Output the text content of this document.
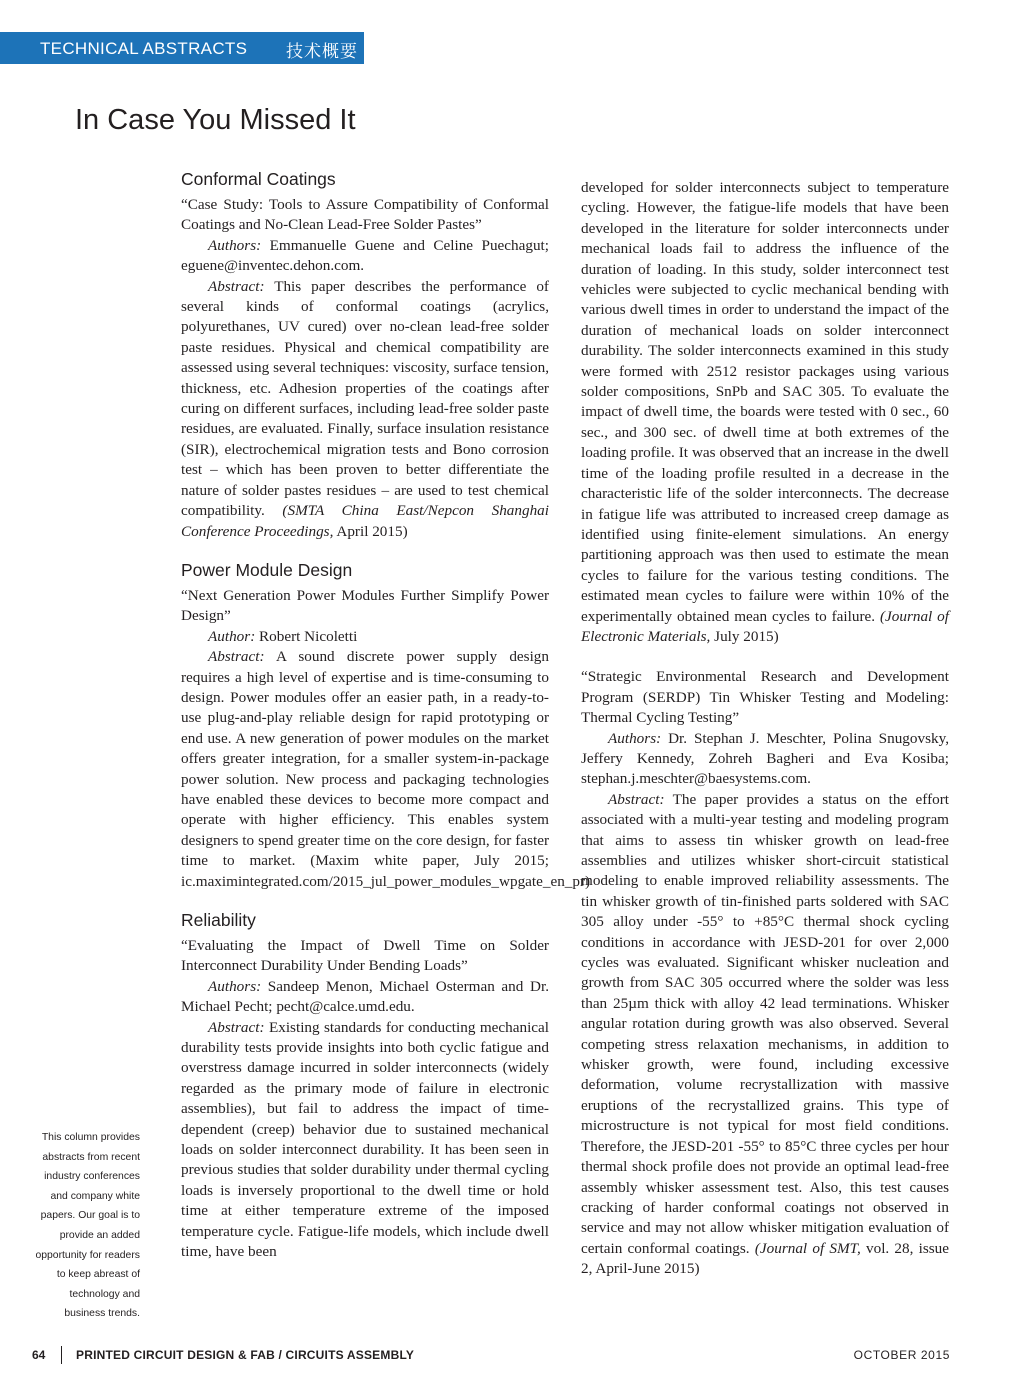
TECHNICAL ABSTRACTS 技术概要
In Case You Missed It
Conformal Coatings

“Case Study: Tools to Assure Compatibility of Conformal Coatings and No-Clean Lead-Free Solder Pastes”

Authors: Emmanuelle Guene and Celine Puechagut; eguene@inventec.dehon.com.

Abstract: This paper describes the performance of several kinds of conformal coatings (acrylics, polyurethanes, UV cured) over no-clean lead-free solder paste residues. Physical and chemical compatibility are assessed using several techniques: viscosity, surface tension, thickness, etc. Adhesion properties of the coatings after curing on different surfaces, including lead-free solder paste residues, are evaluated. Finally, surface insulation resistance (SIR), electrochemical migration tests and Bono corrosion test – which has been proven to better differentiate the nature of solder pastes residues – are used to test chemical compatibility. (SMTA China East/Nepcon Shanghai Conference Proceedings, April 2015)

Power Module Design

“Next Generation Power Modules Further Simplify Power Design”

Author: Robert Nicoletti

Abstract: A sound discrete power supply design requires a high level of expertise and is time-consuming to design. Power modules offer an easier path, in a ready-to-use plug-and-play reliable design for rapid prototyping or end use. A new generation of power modules on the market offers greater integration, for a smaller system-in-package power solution. New process and packaging technologies have enabled these devices to become more compact and operate with higher efficiency. This enables system designers to spend greater time on the core design, for faster time to market. (Maxim white paper, July 2015; ic.maximintegrated.com/2015_jul_power_modules_wpgate_en_pr)

Reliability

“Evaluating the Impact of Dwell Time on Solder Interconnect Durability Under Bending Loads”

Authors: Sandeep Menon, Michael Osterman and Dr. Michael Pecht; pecht@calce.umd.edu.

Abstract: Existing standards for conducting mechanical durability tests provide insights into both cyclic fatigue and overstress damage incurred in solder interconnects (widely regarded as the primary mode of failure in electronic assemblies), but fail to address the impact of time-dependent (creep) behavior due to sustained mechanical loads on solder interconnect durability. It has been seen in previous studies that solder durability under thermal cycling loads is inversely proportional to the dwell time or hold time at either temperature extreme of the imposed temperature cycle. Fatigue-life models, which include dwell time, have been

developed for solder interconnects subject to temperature cycling. However, the fatigue-life models that have been developed in the literature for solder interconnects under mechanical loads fail to address the influence of the duration of loading. In this study, solder interconnect test vehicles were subjected to cyclic mechanical bending with various dwell times in order to understand the impact of the duration of mechanical loads on solder interconnect durability. The solder interconnects examined in this study were formed with 2512 resistor packages using various solder compositions, SnPb and SAC 305. To evaluate the impact of dwell time, the boards were tested with 0 sec., 60 sec., and 300 sec. of dwell time at both extremes of the loading profile. It was observed that an increase in the dwell time of the loading profile resulted in a decrease in the characteristic life of the solder interconnects. The decrease in fatigue life was attributed to increased creep damage as identified using finite-element simulations. An energy partitioning approach was then used to estimate the mean cycles to failure for the various testing conditions. The estimated mean cycles to failure were within 10% of the experimentally obtained mean cycles to failure. (Journal of Electronic Materials, July 2015)

“Strategic Environmental Research and Development Program (SERDP) Tin Whisker Testing and Modeling: Thermal Cycling Testing”

Authors: Dr. Stephan J. Meschter, Polina Snugovsky, Jeffery Kennedy, Zohreh Bagheri and Eva Kosiba; stephan.j.meschter@baesystems.com.

Abstract: The paper provides a status on the effort associated with a multi-year testing and modeling program that aims to assess tin whisker growth on lead-free assemblies and utilizes whisker short-circuit statistical modeling to enable improved reliability assessments. The tin whisker growth of tin-finished parts soldered with SAC 305 alloy under -55° to +85°C thermal shock cycling conditions in accordance with JESD-201 for over 2,000 cycles was evaluated. Significant whisker nucleation and growth from SAC 305 occurred where the solder was less than 25µm thick with alloy 42 lead terminations. Whisker angular rotation during growth was also observed. Several competing stress relaxation mechanisms, in addition to whisker growth, were found, including excessive deformation, volume recrystallization with massive eruptions of the recrystallized grains. This type of microstructure is not typical for most field conditions. Therefore, the JESD-201 -55° to 85°C three cycles per hour thermal shock profile does not provide an optimal lead-free assembly whisker assessment test. Also, this test causes cracking of harder conformal coatings not observed in service and may not allow whisker mitigation evaluation of certain conformal coatings. (Journal of SMT, vol. 28, issue 2, April-June 2015)

This column provides abstracts from recent industry conferences and company white papers. Our goal is to provide an added opportunity for readers to keep abreast of technology and business trends.
64	PRINTED CIRCUIT DESIGN & FAB / CIRCUITS ASSEMBLY	OCTOBER 2015
